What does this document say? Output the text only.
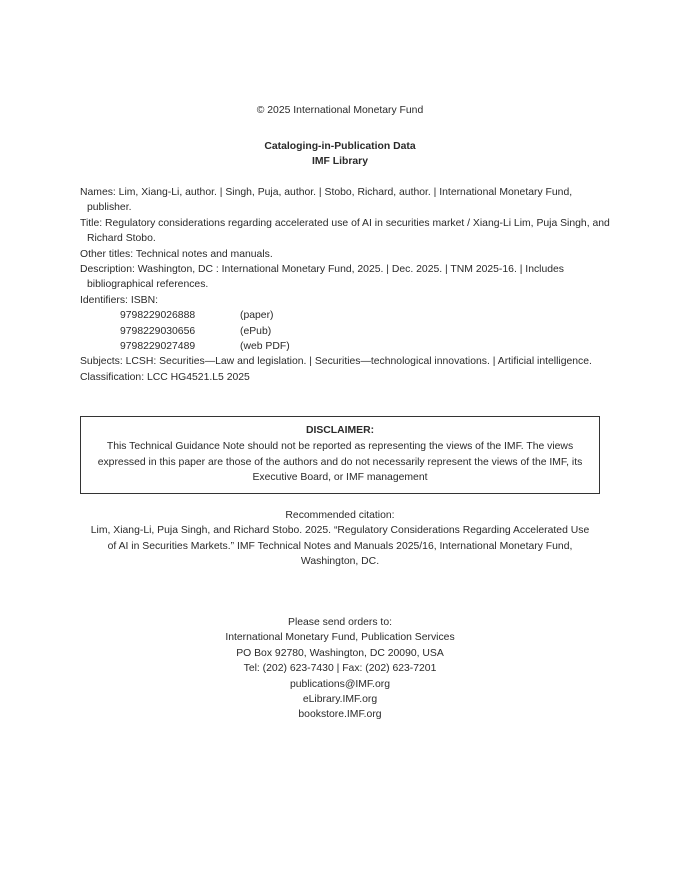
© 2025 International Monetary Fund
Cataloging-in-Publication Data
IMF Library
Names: Lim, Xiang-Li, author. | Singh, Puja, author. | Stobo, Richard, author. | International Monetary Fund, publisher.
Title: Regulatory considerations regarding accelerated use of AI in securities market / Xiang-Li Lim, Puja Singh, and Richard Stobo.
Other titles: Technical notes and manuals.
Description: Washington, DC : International Monetary Fund, 2025. | Dec. 2025. | TNM 2025-16. | Includes bibliographical references.
Identifiers: ISBN:
9798229026888	(paper)
9798229030656	(ePub)
9798229027489	(web PDF)
Subjects: LCSH: Securities—Law and legislation. | Securities—technological innovations. | Artificial intelligence.
Classification: LCC HG4521.L5 2025
DISCLAIMER:
This Technical Guidance Note should not be reported as representing the views of the IMF. The views expressed in this paper are those of the authors and do not necessarily represent the views of the IMF, its Executive Board, or IMF management
Recommended citation:
Lim, Xiang-Li, Puja Singh, and Richard Stobo. 2025. “Regulatory Considerations Regarding Accelerated Use of AI in Securities Markets.” IMF Technical Notes and Manuals 2025/16, International Monetary Fund, Washington, DC.
Please send orders to:
International Monetary Fund, Publication Services
PO Box 92780, Washington, DC 20090, USA
Tel: (202) 623-7430 | Fax: (202) 623-7201
publications@IMF.org
eLibrary.IMF.org
bookstore.IMF.org
